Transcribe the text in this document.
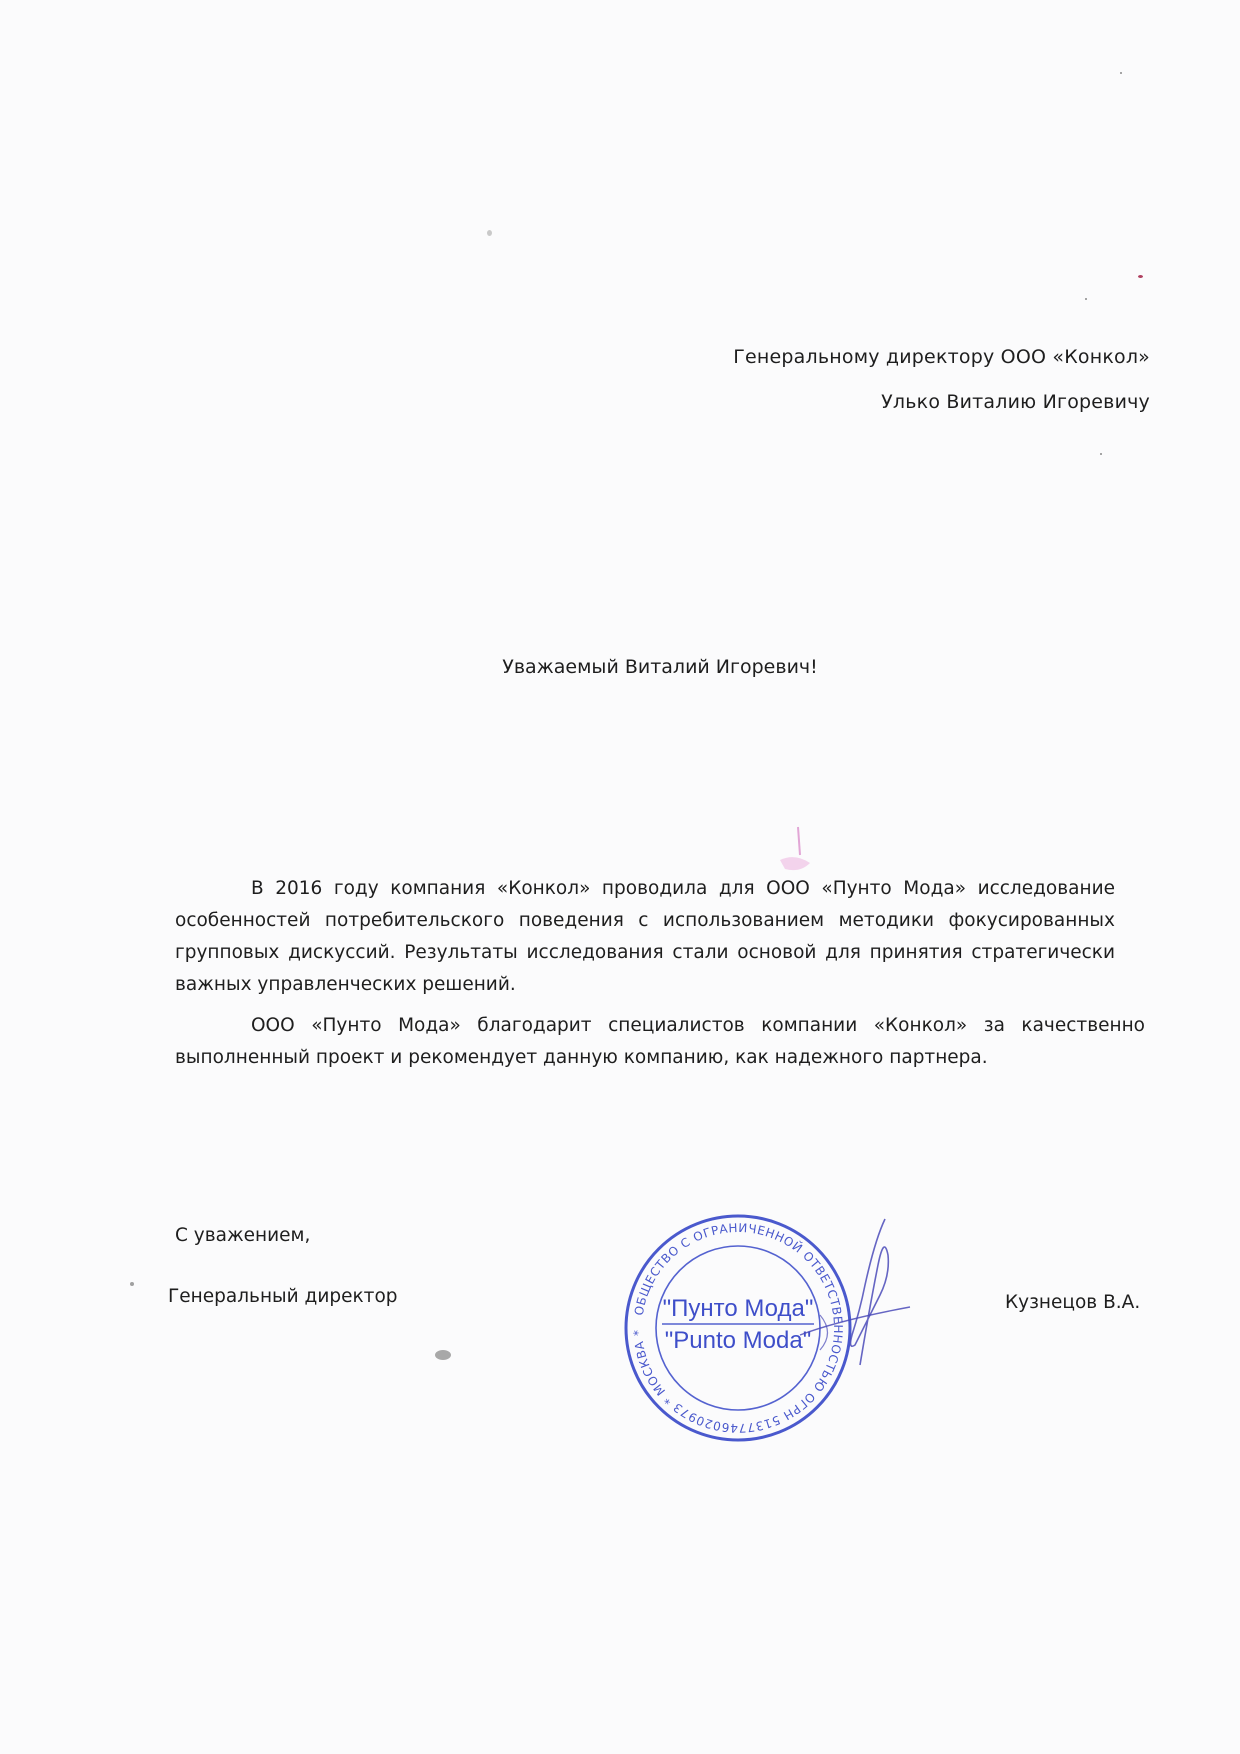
Генеральному директору ООО «Конкол»
Улько Виталию Игоревичу
Уважаемый Виталий Игоревич!
В 2016 году компания «Конкол» проводила для ООО «Пунто Мода» исследование особенностей потребительского поведения с использованием методики фокусированных групповых дискуссий. Результаты исследования стали основой для принятия стратегически важных управленческих решений.
ООО «Пунто Мода» благодарит специалистов компании «Конкол» за качественно выполненный проект и рекомендует данную компанию, как надежного партнера.
С уважением,
Генеральный директор	Кузнецов В.А.
ОБЩЕСТВО С ОГРАНИЧЕННОЙ ОТВЕТСТВЕННОСТЬЮ ОГРН 5137746020973 * МОСКВА *
"Пунто Мода"
"Punto Moda"
